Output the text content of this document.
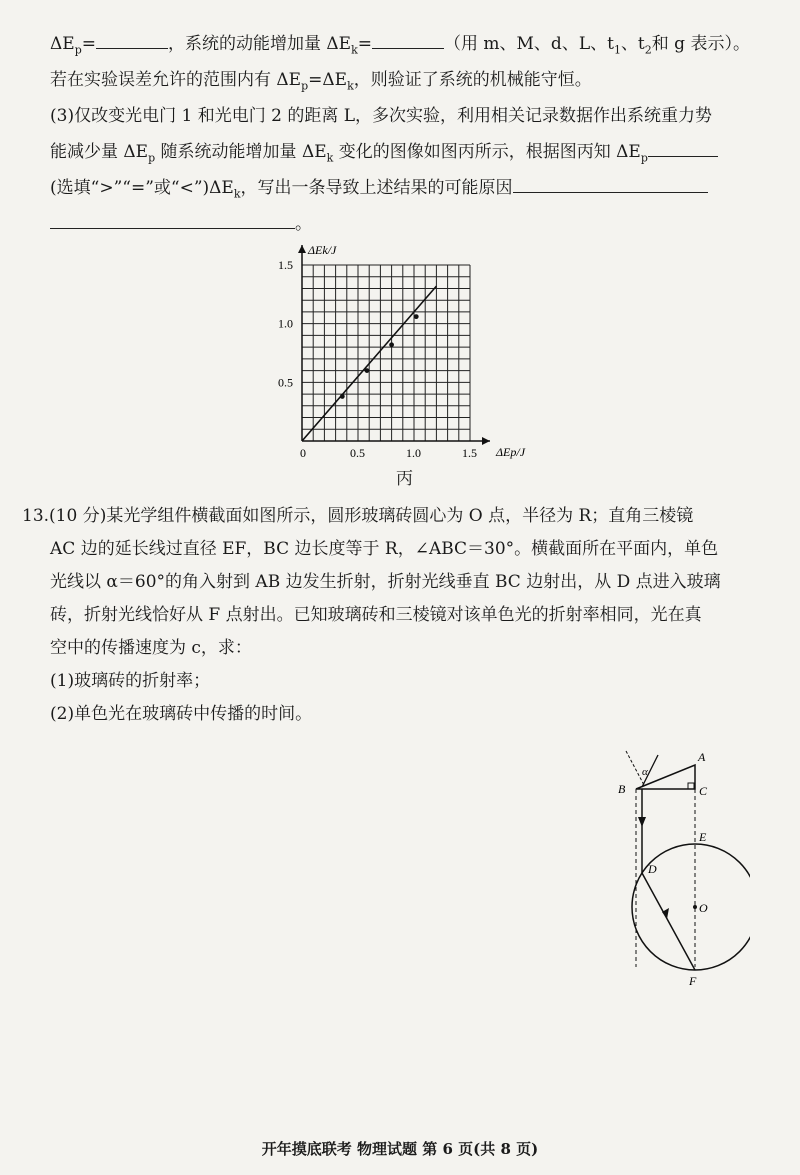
$\Delta E_p=$	，系统的动能增加量 $\Delta E_k=$	（用 m、M、d、L、$t_1$、$t_2$和 g 表示）。
若在实验误差允许的范围内有 $\Delta E_p=\Delta E_k$，则验证了系统的机械能守恒。
(3)仅改变光电门 1 和光电门 2 的距离 L，多次实验，利用相关记录数据作出系统重力势
能减少量 $\Delta E_p$ 随系统动能增加量 $\Delta E_k$ 变化的图像如图丙所示，根据图丙知 $\Delta E_p$
(选填“>”“=”或“$<”)\Delta E_k$，写出一条导致上述结果的可能原因
。
0	0.5	1.0	1.5
0.5
1.0
1.5
ΔEk/J
ΔEp/J
丙

13.(10 分)某光学组件横截面如图所示，圆形玻璃砖圆心为 O 点，半径为 R；直角三棱镜

AC 边的延长线过直径 EF，BC 边长度等于 R，∠ABC＝30°。横截面所在平面内，单色

光线以 α＝60°的角入射到 AB 边发生折射，折射光线垂直 BC 边射出，从 D 点进入玻璃

砖，折射光线恰好从 F 点射出。已知玻璃砖和三棱镜对该单色光的折射率相同，光在真

空中的传播速度为 c，求：

(1)玻璃砖的折射率；

(2)单色光在玻璃砖中传播的时间。

A
B	C
α
E
D
O
F
开年摸底联考 物理试题 第 6 页(共 8 页)
